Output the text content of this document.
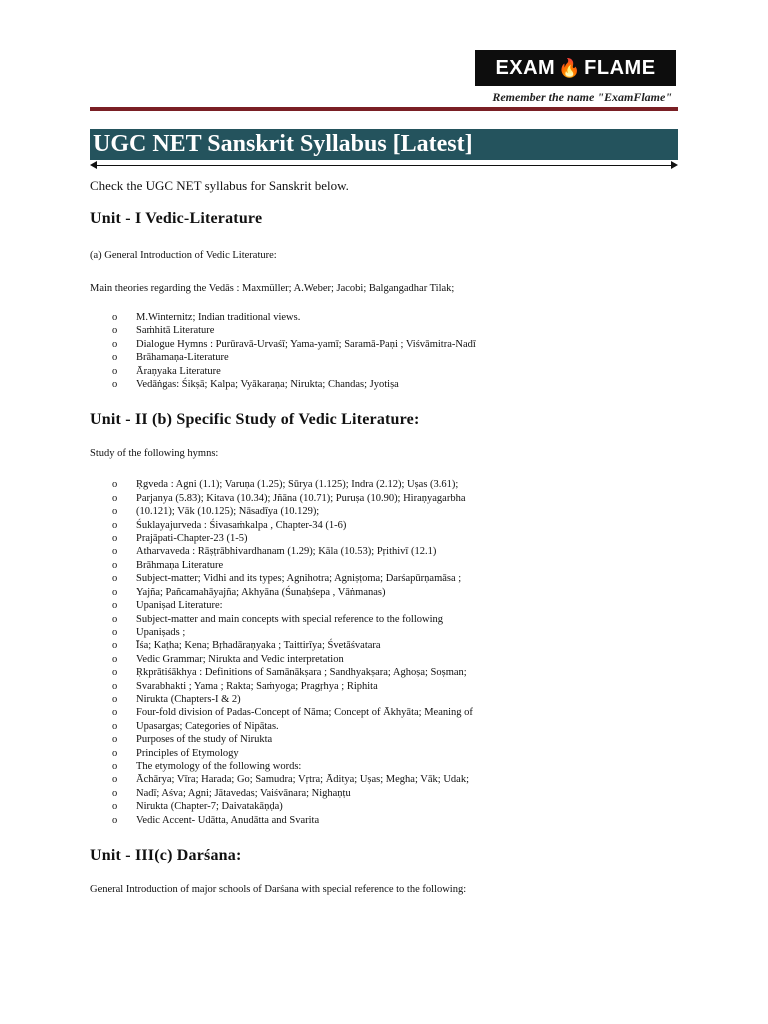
EXAM 🔥 FLAME
Remember the name "ExamFlame"
UGC NET Sanskrit Syllabus [Latest]

Check the UGC NET syllabus for Sanskrit below.

Unit - I Vedic-Literature

(a) General Introduction of Vedic Literature:

Main theories regarding the Vedās : Maxmüller; A.Weber; Jacobi; Balgangadhar Tilak;

o M.Winternitz; Indian traditional views.
o Saṁhitā Literature
o Dialogue Hymns : Purūravā-Urvaśī; Yama-yamī; Saramā-Paṇi ; Viśvāmitra-Nadī
o Brāhamaṇa-Literature
o Āraṇyaka Literature
o Vedāṅgas: Śikṣā; Kalpa; Vyākaraṇa; Nirukta; Chandas; Jyotiṣa
Unit - II (b) Specific Study of Vedic Literature:

Study of the following hymns:

o Ṛgveda : Agni (1.1); Varuṇa (1.25); Sūrya (1.125); Indra (2.12); Uṣas (3.61);
o Parjanya (5.83); Kitava (10.34); Jñāna (10.71); Puruṣa (10.90); Hiraṇyagarbha
o (10.121); Vāk (10.125); Nāsadīya (10.129);
o Śuklayajurveda : Śivasaṁkalpa , Chapter-34 (1-6)
o Prajāpati-Chapter-23 (1-5)
o Atharvaveda : Rāṣṭrābhivardhanam (1.29); Kāla (10.53); Pṛithivī (12.1)
o Brāhmaṇa Literature
o Subject-matter; Vidhi and its types; Agnihotra; Agniṣṭoma; Darśapūrṇamāsa ;
o Yajña; Pañcamahāyajña; Akhyāna (Śunaḥśepa , Vāṅmanas)
o Upaniṣad Literature:
o Subject-matter and main concepts with special reference to the following
o Upaniṣads ;
o Īśa; Kaṭha; Kena; Bṛhadāraṇyaka ; Taittirīya; Śvetāśvatara
o Vedic Grammar; Nirukta and Vedic interpretation
o Ṛkprātiśākhya : Definitions of Samānākṣara ; Sandhyakṣara; Aghoṣa; Soṣman;
o Svarabhakti ; Yama ; Rakta; Saṁyoga; Pragṛhya ; Riphita
o Nirukta (Chapters-I & 2)
o Four-fold division of Padas-Concept of Nāma; Concept of Ākhyāta; Meaning of
o Upasargas; Categories of Nipātas.
o Purposes of the study of Nirukta
o Principles of Etymology
o The etymology of the following words:
o Āchārya; Vīra; Harada; Go; Samudra; Vṛtra; Āditya; Uṣas; Megha; Vāk; Udak;
o Nadī; Aśva; Agni; Jātavedas; Vaiśvānara; Nighaṇṭu
o Nirukta (Chapter-7; Daivatakāṇḍa)
o Vedic Accent- Udātta, Anudātta and Svarita
Unit - III(c) Darśana:

General Introduction of major schools of Darśana with special reference to the following:
